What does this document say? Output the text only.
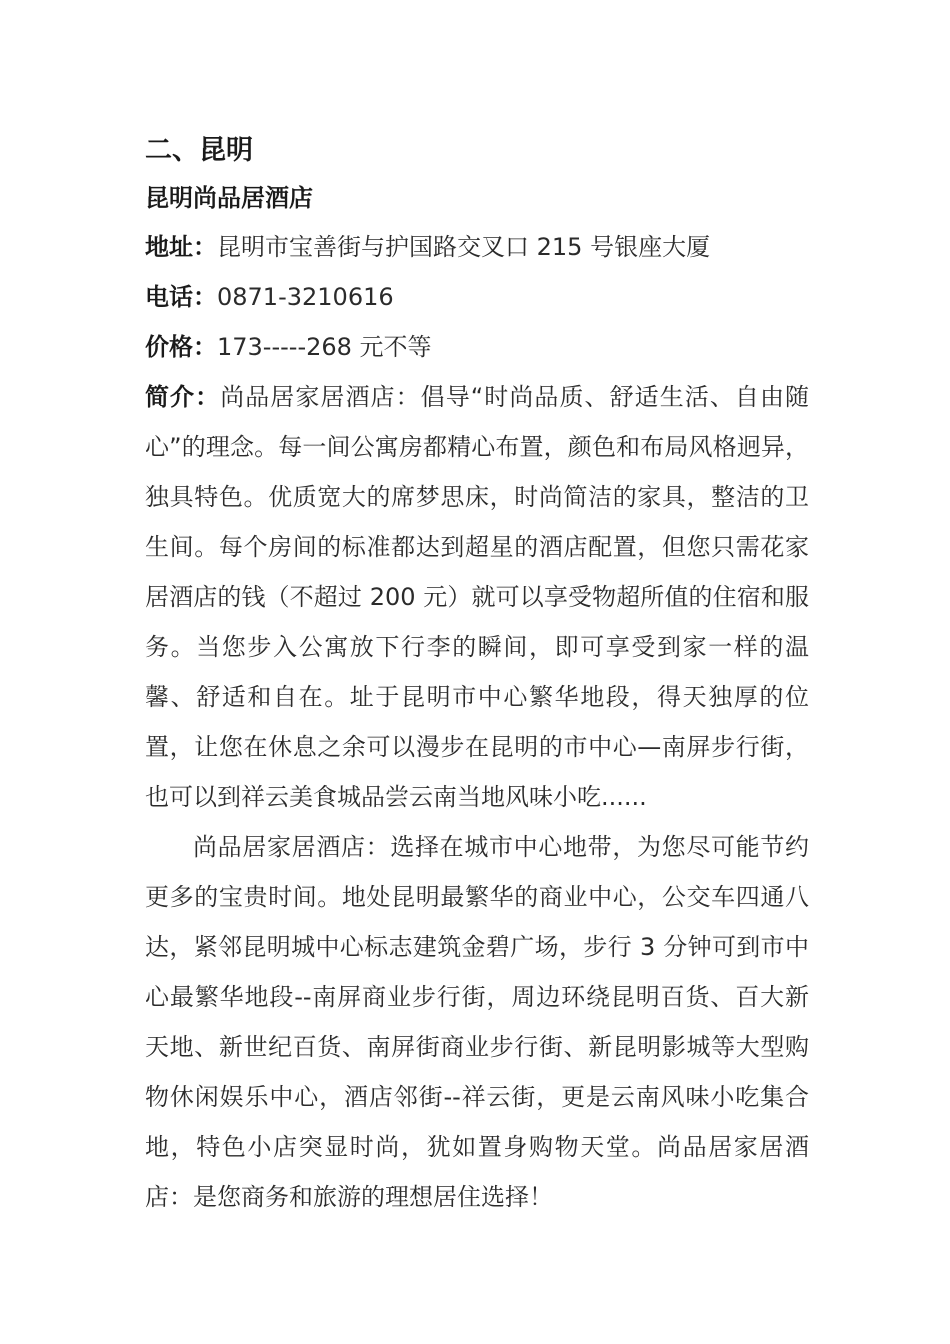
二、昆明
昆明尚品居酒店

地址：昆明市宝善街与护国路交叉口 215 号银座大厦

电话：0871-3210616

价格：173-----268 元不等

简介：尚品居家居酒店：倡导“时尚品质、舒适生活、自由随心”的理念。每一间公寓房都精心布置，颜色和布局风格迥异，独具特色。优质宽大的席梦思床，时尚简洁的家具，整洁的卫生间。每个房间的标准都达到超星的酒店配置，但您只需花家居酒店的钱（不超过 200 元）就可以享受物超所值的住宿和服务。当您步入公寓放下行李的瞬间，即可享受到家一样的温馨、舒适和自在。址于昆明市中心繁华地段，得天独厚的位置，让您在休息之余可以漫步在昆明的市中心—南屏步行街，也可以到祥云美食城品尝云南当地风味小吃......

尚品居家居酒店：选择在城市中心地带，为您尽可能节约更多的宝贵时间。地处昆明最繁华的商业中心，公交车四通八达，紧邻昆明城中心标志建筑金碧广场，步行 3 分钟可到市中心最繁华地段--南屏商业步行街，周边环绕昆明百货、百大新天地、新世纪百货、南屏街商业步行街、新昆明影城等大型购物休闲娱乐中心，酒店邻街--祥云街，更是云南风味小吃集合地，特色小店突显时尚，犹如置身购物天堂。尚品居家居酒店：是您商务和旅游的理想居住选择！
